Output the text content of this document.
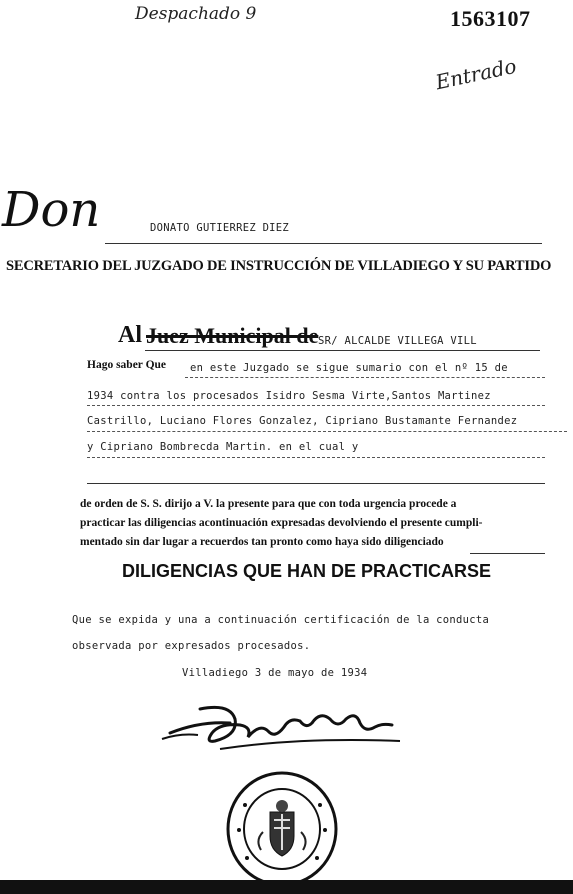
Despachado 9	1563107
Entrado
Don	DONATO GUTIERREZ DIEZ
SECRETARIO DEL JUZGADO DE INSTRUCCIÓN DE VILLADIEGO Y SU PARTIDO
Al Juez Municipal de SR/ ALCALDE VILLEGA VILL
Hago saber Que en este Juzgado se sigue sumario con el nº 15 de
1934 contra los procesados Isidro Sesma Virte,Santos Martinez
Castrillo, Luciano Flores Gonzalez, Cipriano Bustamante Fernandez
y Cipriano Bombrecda Martin. en el cual y
de orden de S. S. dirijo a V. la presente para que con toda urgencia procede a
practicar las diligencias acontinuación expresadas devolviendo el presente cumpli-
mentado sin dar lugar a recuerdos tan pronto como haya sido diligenciado
DILIGENCIAS QUE HAN DE PRACTICARSE
Que se expida y una a continuación certificación de la conducta
observada por expresados procesados.
Villadiego 3 de mayo de 1934
